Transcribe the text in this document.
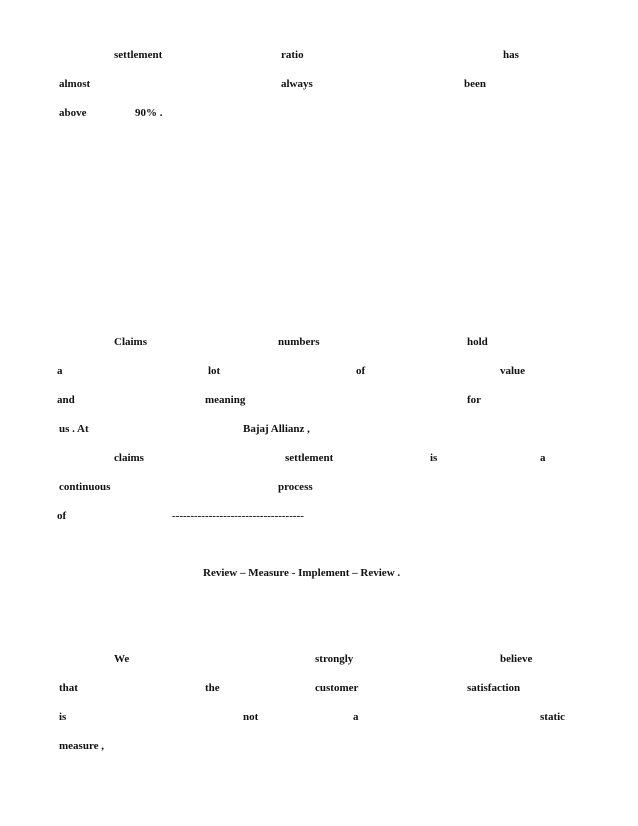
settlement	ratio	has
almost	always	been
above	90% .
Claims	numbers	hold
a	lot	of	value
and	meaning	for
us . At	Bajaj Allianz ,
claims	settlement	is	a
continuous	process
of	------------------------------------
Review – Measure - Implement – Review .
We	strongly	believe
that	the	customer	satisfaction
is	not	a	static
measure ,
